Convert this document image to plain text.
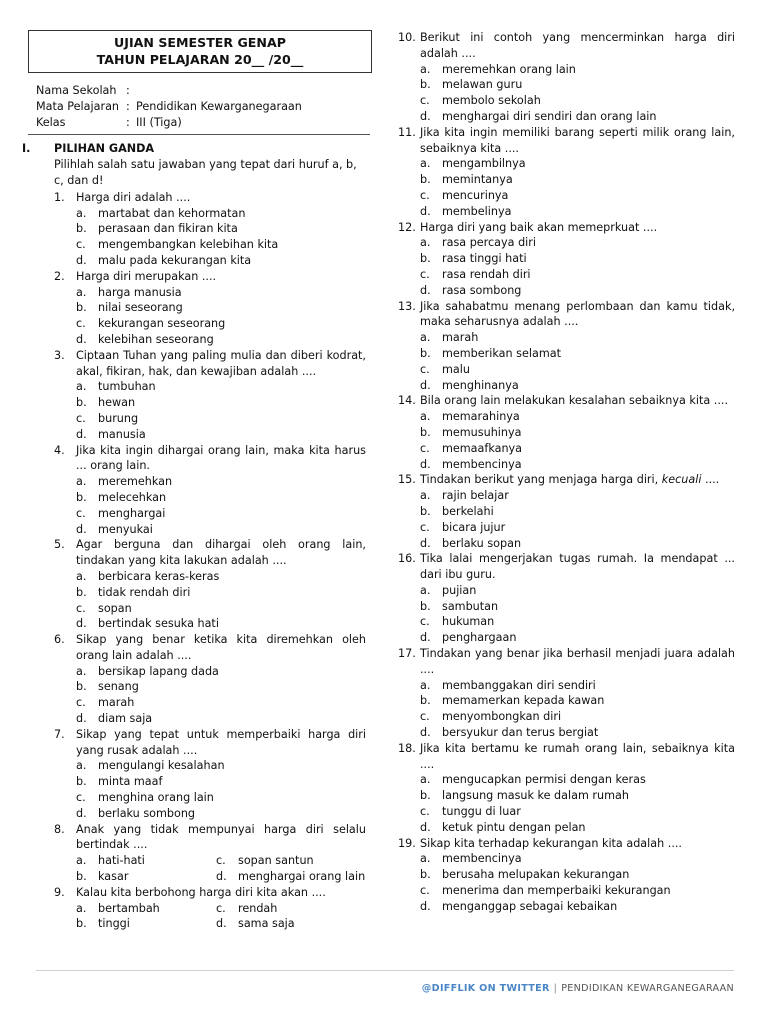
UJIAN SEMESTER GENAP
TAHUN PELAJARAN 20__ /20__
Nama Sekolah :
Mata Pelajaran : Pendidikan Kewarganegaraan
Kelas	: III (Tiga)
I.	PILIHAN GANDA
Pilihlah salah satu jawaban yang tepat dari huruf a, b, c, dan d!
1.	Harga diri adalah ....
a.	martabat dan kehormatan
b.	perasaan dan fikiran kita
c.	mengembangkan kelebihan kita
d.	malu pada kekurangan kita
2.	Harga diri merupakan ....
a.	harga manusia
b.	nilai seseorang
c.	kekurangan seseorang
d.	kelebihan seseorang
3.	Ciptaan Tuhan yang paling mulia dan diberi kodrat, akal, fikiran, hak, dan kewajiban adalah ....
a.	tumbuhan
b.	hewan
c.	burung
d.	manusia
4.	Jika kita ingin dihargai orang lain, maka kita harus ... orang lain.
a.	meremehkan
b.	melecehkan
c.	menghargai
d.	menyukai
5.	Agar berguna dan dihargai oleh orang lain, tindakan yang kita lakukan adalah ....
a.	berbicara keras-keras
b.	tidak rendah diri
c.	sopan
d.	bertindak sesuka hati
6.	Sikap yang benar ketika kita diremehkan oleh orang lain adalah ....
a.	bersikap lapang dada
b.	senang
c.	marah
d.	diam saja
7.	Sikap yang tepat untuk memperbaiki harga diri yang rusak adalah ....
a.	mengulangi kesalahan
b.	minta maaf
c.	menghina orang lain
d.	berlaku sombong
8.	Anak yang tidak mempunyai harga diri selalu bertindak ....
a.	hati-hati	c.	sopan santun
b.	kasar	d.	menghargai orang lain
9.	Kalau kita berbohong harga diri kita akan ....
a.	bertambah	c.	rendah
b.	tinggi	d.	sama saja
10. Berikut ini contoh yang mencerminkan harga diri adalah ....
a.	meremehkan orang lain
b.	melawan guru
c.	membolo sekolah
d.	menghargai diri sendiri dan orang lain
11. Jika kita ingin memiliki barang seperti milik orang lain, sebaiknya kita ....
a.	mengambilnya
b.	memintanya
c.	mencurinya
d.	membelinya
12. Harga diri yang baik akan memeprkuat ....
a.	rasa percaya diri
b.	rasa tinggi hati
c.	rasa rendah diri
d.	rasa sombong
13. Jika sahabatmu menang perlombaan dan kamu tidak, maka seharusnya adalah ....
a.	marah
b.	memberikan selamat
c.	malu
d.	menghinanya
14. Bila orang lain melakukan kesalahan sebaiknya kita ....
a.	memarahinya
b.	memusuhinya
c.	memaafkanya
d.	membencinya
15. Tindakan berikut yang menjaga harga diri, kecuali ....
a.	rajin belajar
b.	berkelahi
c.	bicara jujur
d.	berlaku sopan
16. Tika lalai mengerjakan tugas rumah. Ia mendapat ... dari ibu guru.
a.	pujian
b.	sambutan
c.	hukuman
d.	penghargaan
17. Tindakan yang benar jika berhasil menjadi juara adalah ....
a.	membanggakan diri sendiri
b.	memamerkan kepada kawan
c.	menyombongkan diri
d.	bersyukur dan terus bergiat
18. Jika kita bertamu ke rumah orang lain, sebaiknya kita ....
a.	mengucapkan permisi dengan keras
b.	langsung masuk ke dalam rumah
c.	tunggu di luar
d.	ketuk pintu dengan pelan
19. Sikap kita terhadap kekurangan kita adalah ....
a.	membencinya
b.	berusaha melupakan kekurangan
c.	menerima dan memperbaiki kekurangan
d.	menganggap sebagai kebaikan
@DIFFLIK ON TWITTER | PENDIDIKAN KEWARGANEGARAAN
